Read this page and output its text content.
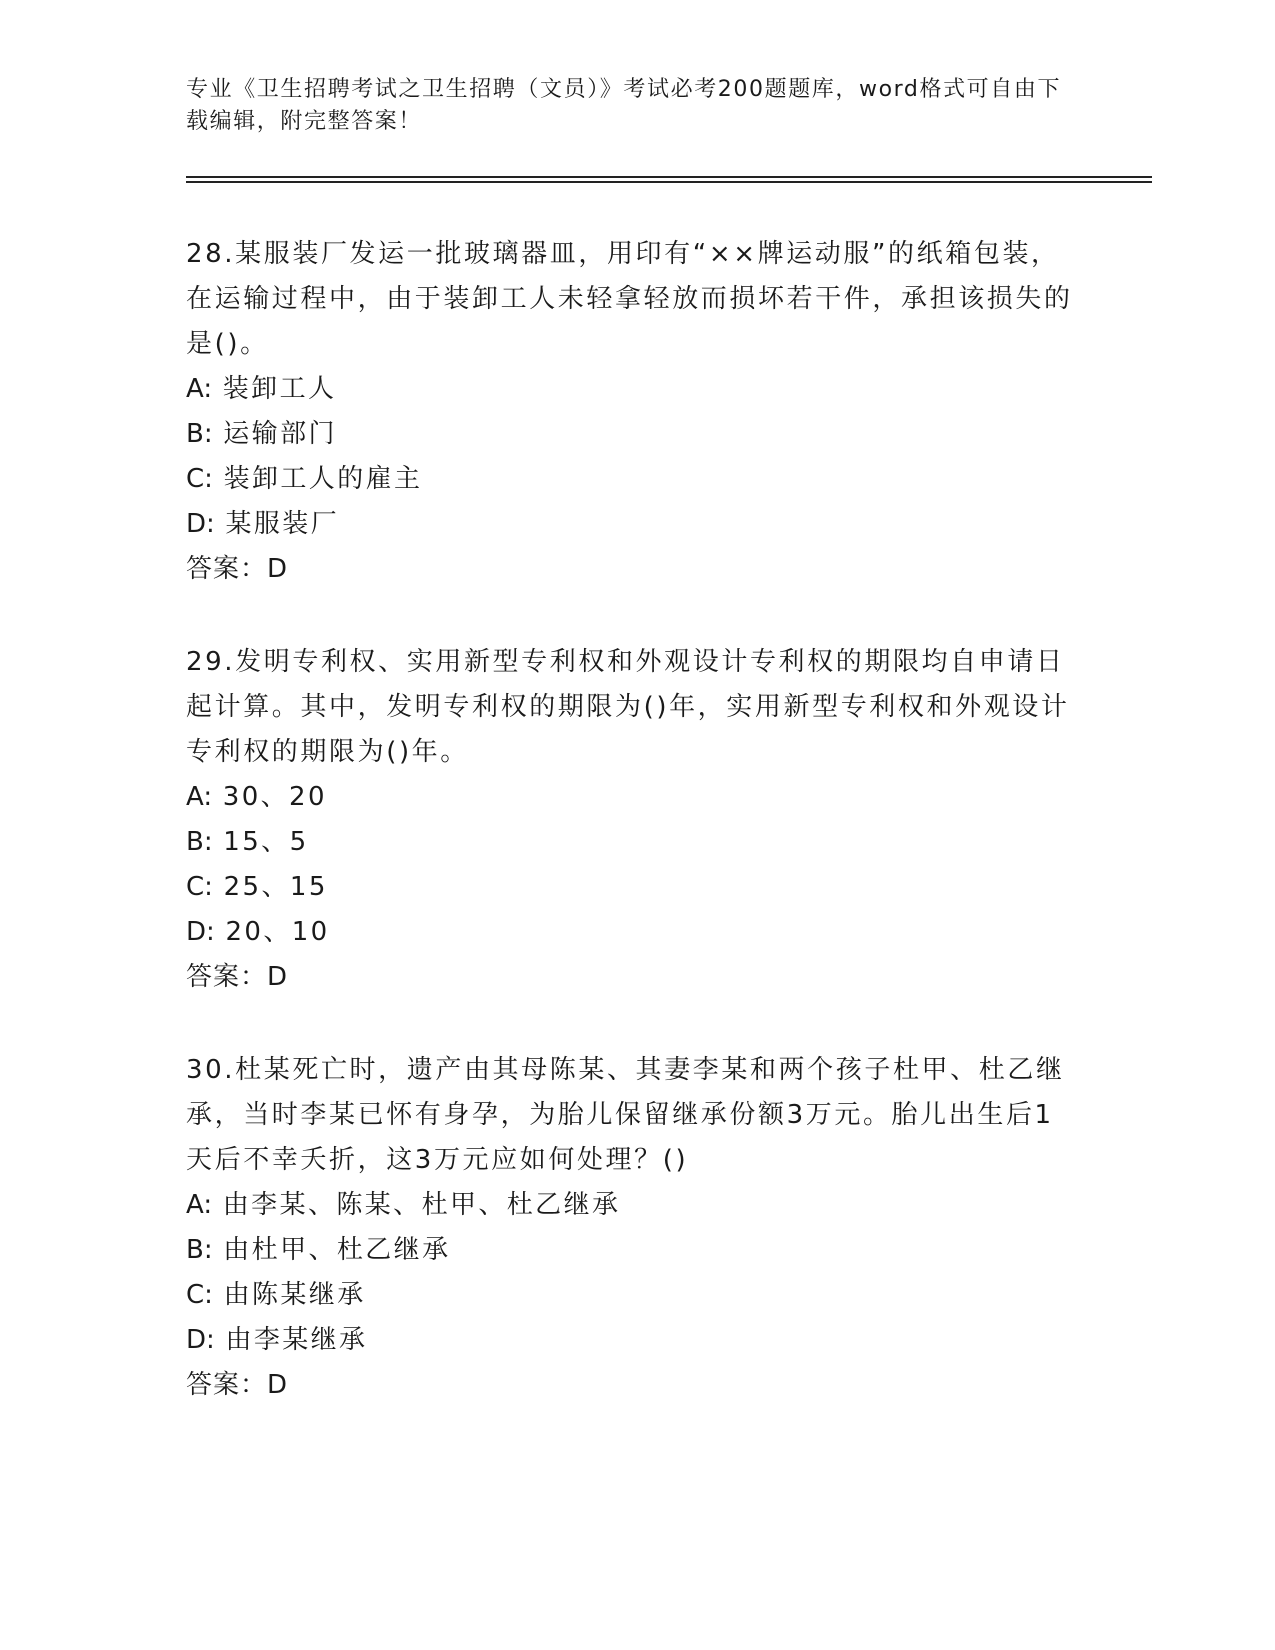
专业《卫生招聘考试之卫生招聘（文员）》考试必考200题题库，word格式可自由下载编辑，附完整答案！

28.某服装厂发运一批玻璃器皿，用印有“××牌运动服”的纸箱包装，在运输过程中，由于装卸工人未轻拿轻放而损坏若干件，承担该损失的是()。

A: 装卸工人
B: 运输部门
C: 装卸工人的雇主
D: 某服装厂
答案：D

29.发明专利权、实用新型专利权和外观设计专利权的期限均自申请日起计算。其中，发明专利权的期限为()年，实用新型专利权和外观设计专利权的期限为()年。

A: 30、20
B: 15、5
C: 25、15
D: 20、10
答案：D

30.杜某死亡时，遗产由其母陈某、其妻李某和两个孩子杜甲、杜乙继承，当时李某已怀有身孕，为胎儿保留继承份额3万元。胎儿出生后1天后不幸夭折，这3万元应如何处理？()

A: 由李某、陈某、杜甲、杜乙继承
B: 由杜甲、杜乙继承
C: 由陈某继承
D: 由李某继承
答案：D
